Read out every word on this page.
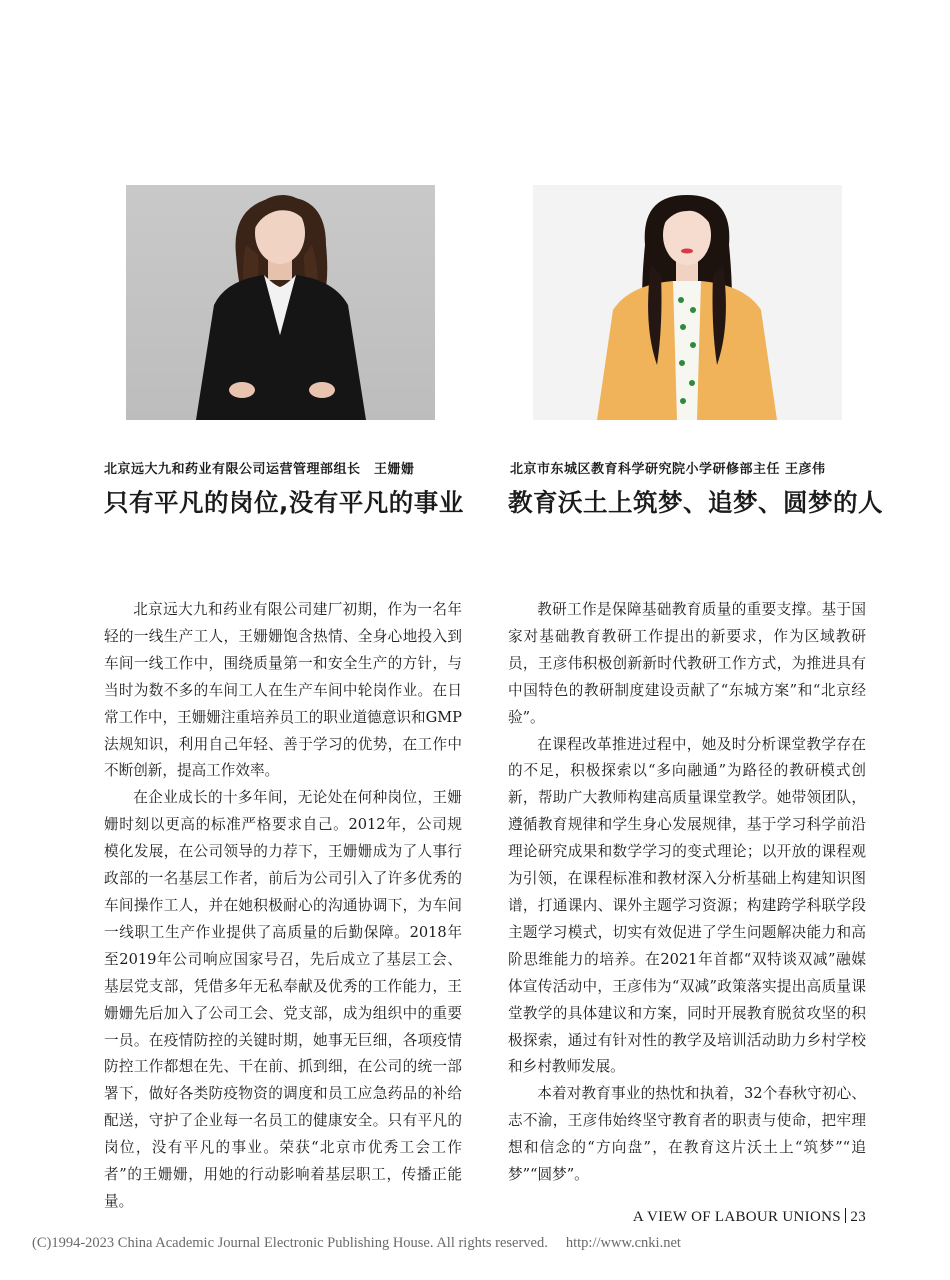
北京远大九和药业有限公司运营管理部组长　王姗姗
只有平凡的岗位,没有平凡的事业
北京市东城区教育科学研究院小学研修部主任 王彦伟
教育沃土上筑梦、追梦、圆梦的人

北京远大九和药业有限公司建厂初期，作为一名年轻的一线生产工人，王姗姗饱含热情、全身心地投入到车间一线工作中，围绕质量第一和安全生产的方针，与当时为数不多的车间工人在生产车间中轮岗作业。在日常工作中，王姗姗注重培养员工的职业道德意识和GMP法规知识，利用自己年轻、善于学习的优势，在工作中不断创新，提高工作效率。

在企业成长的十多年间，无论处在何种岗位，王姗姗时刻以更高的标准严格要求自己。2012年，公司规模化发展，在公司领导的力荐下，王姗姗成为了人事行政部的一名基层工作者，前后为公司引入了许多优秀的车间操作工人，并在她积极耐心的沟通协调下，为车间一线职工生产作业提供了高质量的后勤保障。2018年至2019年公司响应国家号召，先后成立了基层工会、基层党支部，凭借多年无私奉献及优秀的工作能力，王姗姗先后加入了公司工会、党支部，成为组织中的重要一员。在疫情防控的关键时期，她事无巨细，各项疫情防控工作都想在先、干在前、抓到细，在公司的统一部署下，做好各类防疫物资的调度和员工应急药品的补给配送，守护了企业每一名员工的健康安全。只有平凡的岗位，没有平凡的事业。荣获“北京市优秀工会工作者”的王姗姗，用她的行动影响着基层职工，传播正能量。

教研工作是保障基础教育质量的重要支撑。基于国家对基础教育教研工作提出的新要求，作为区域教研员，王彦伟积极创新新时代教研工作方式，为推进具有中国特色的教研制度建设贡献了“东城方案”和“北京经验”。

在课程改革推进过程中，她及时分析课堂教学存在的不足，积极探索以“多向融通”为路径的教研模式创新，帮助广大教师构建高质量课堂教学。她带领团队，遵循教育规律和学生身心发展规律，基于学习科学前沿理论研究成果和数学学习的变式理论；以开放的课程观为引领，在课程标准和教材深入分析基础上构建知识图谱，打通课内、课外主题学习资源；构建跨学科联学段主题学习模式，切实有效促进了学生问题解决能力和高阶思维能力的培养。在2021年首都“双特谈双减”融媒体宣传活动中，王彦伟为“双减”政策落实提出高质量课堂教学的具体建议和方案，同时开展教育脱贫攻坚的积极探索，通过有针对性的教学及培训活动助力乡村学校和乡村教师发展。

本着对教育事业的热忱和执着，32个春秋守初心、志不渝，王彦伟始终坚守教育者的职责与使命，把牢理想和信念的“方向盘”，在教育这片沃土上“筑梦”“追梦”“圆梦”。

A VIEW OF LABOUR UNIONS 23
(C)1994-2023 China Academic Journal Electronic Publishing House. All rights reserved. http://www.cnki.net
